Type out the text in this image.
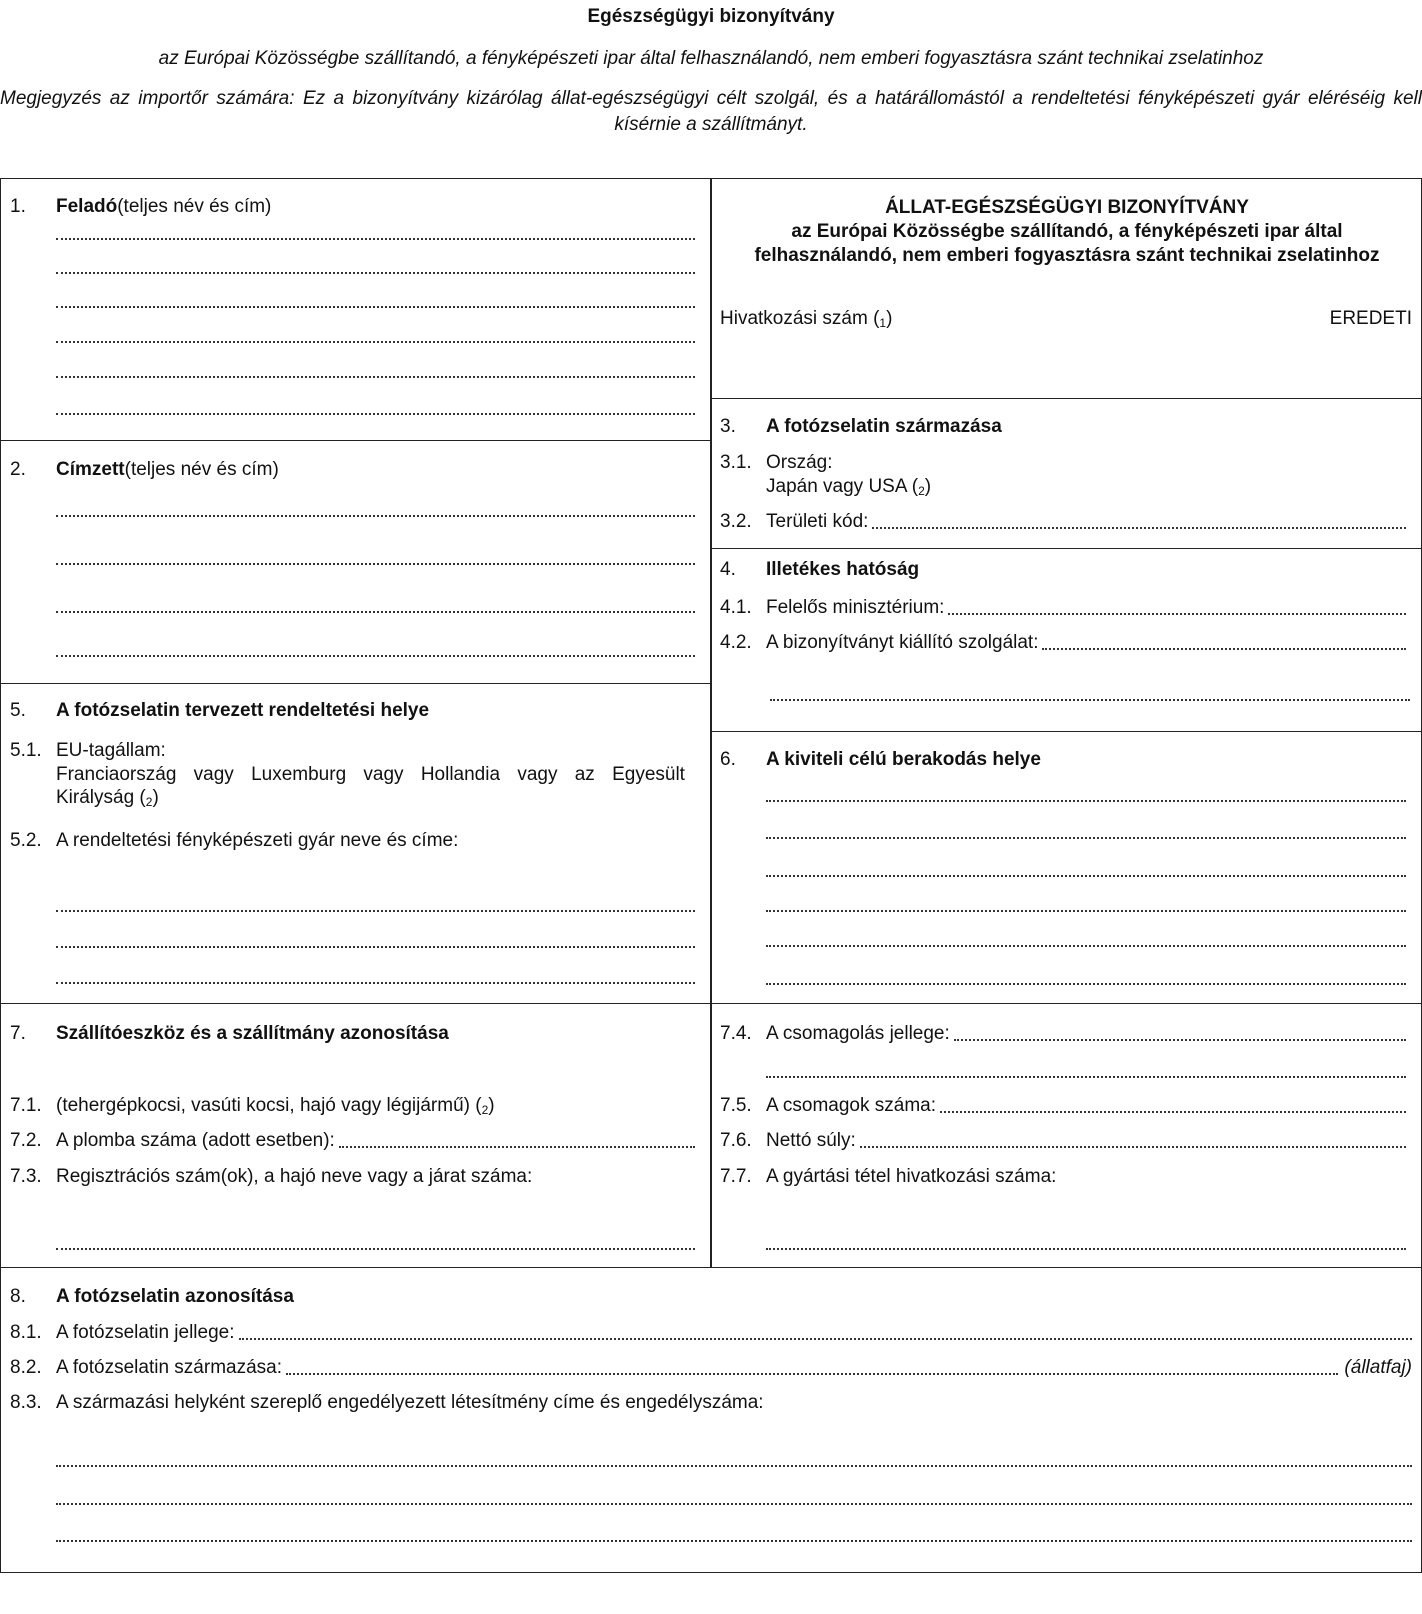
Egészségügyi bizonyítvány
az Európai Közösségbe szállítandó, a fényképészeti ipar által felhasználandó, nem emberi fogyasztásra szánt technikai zselatinhoz
Megjegyzés az importőr számára: Ez a bizonyítvány kizárólag állat-egészségügyi célt szolgál, és a határállomástól a rendeltetési fényképészeti gyár eléréséig kell kísérnie a szállítmányt.
1. Feladó (teljes név és cím)
2. Címzett (teljes név és cím)
5. A fotózselatin tervezett rendeltetési helye
5.1. EU-tagállam:
Franciaország vagy Luxemburg vagy Hollandia vagy az Egyesült
Királyság ( 2 )
5.2. A rendeltetési fényképészeti gyár neve és címe:
7. Szállítóeszköz és a szállítmány azonosítása
7.1. (tehergépkocsi, vasúti kocsi, hajó vagy légijármű) ( 2 )
7.2. A plomba száma (adott esetben):
7.3. Regisztrációs szám(ok), a hajó neve vagy a járat száma:
ÁLLAT-EGÉSZSÉGÜGYI BIZONYÍTVÁNY
az Európai Közösségbe szállítandó, a fényképészeti ipar által
felhasználandó, nem emberi fogyasztásra szánt technikai zselatinhoz
Hivatkozási szám ( 1 )	EREDETI
3. A fotózselatin származása
3.1. Ország:
Japán vagy USA ( 2 )
3.2. Területi kód:
4. Illetékes hatóság
4.1. Felelős minisztérium:
4.2. A bizonyítványt kiállító szolgálat:
6. A kiviteli célú berakodás helye
7.4. A csomagolás jellege:
7.5. A csomagok száma:
7.6. Nettó súly:
7.7. A gyártási tétel hivatkozási száma:
8. A fotózselatin azonosítása
8.1. A fotózselatin jellege:
8.2. A fotózselatin származása:	(állatfaj)
8.3. A származási helyként szereplő engedélyezett létesítmény címe és engedélyszáma:
